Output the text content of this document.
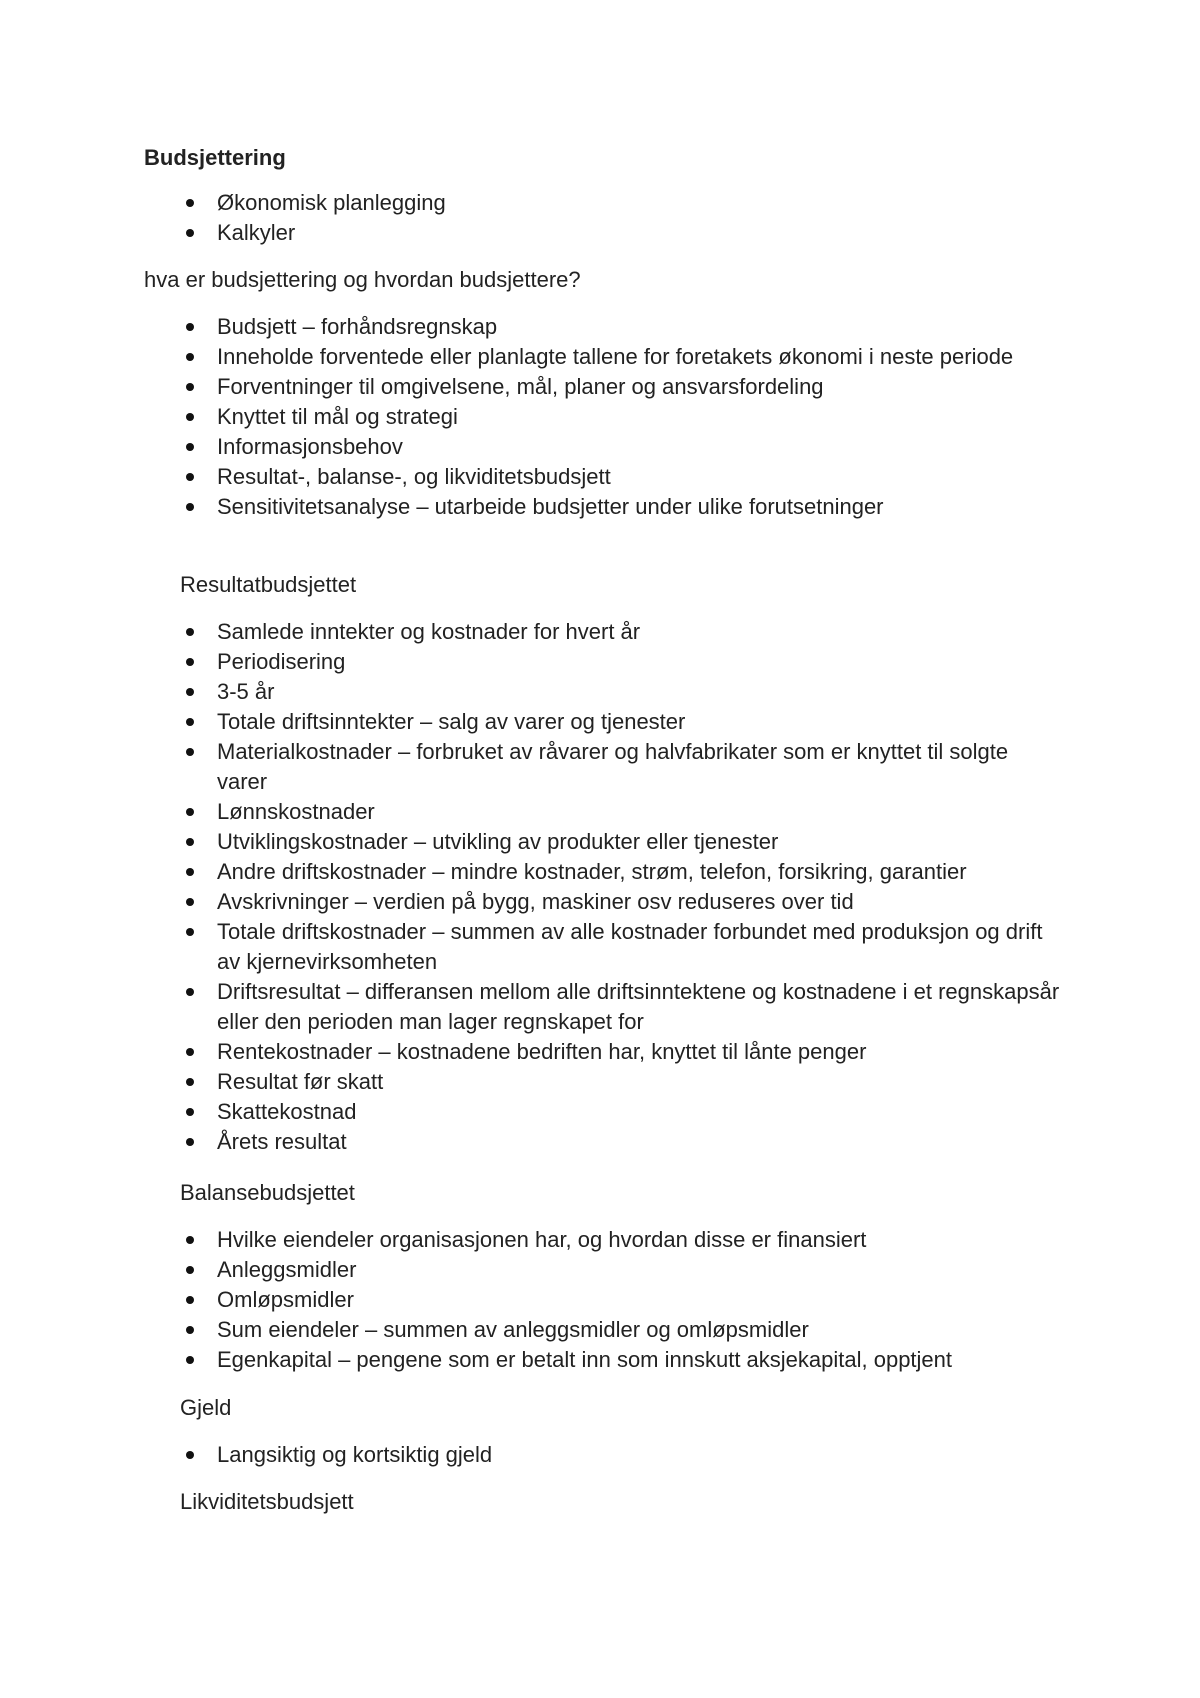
Budsjettering
Økonomisk planlegging
Kalkyler

hva er budsjettering og hvordan budsjettere?

Budsjett – forhåndsregnskap
Inneholde forventede eller planlagte tallene for foretakets økonomi i neste periode
Forventninger til omgivelsene, mål, planer og ansvarsfordeling
Knyttet til mål og strategi
Informasjonsbehov
Resultat-, balanse-, og likviditetsbudsjett
Sensitivitetsanalyse – utarbeide budsjetter under ulike forutsetninger

Resultatbudsjettet

Samlede inntekter og kostnader for hvert år
Periodisering
3-5 år
Totale driftsinntekter – salg av varer og tjenester
Materialkostnader – forbruket av råvarer og halvfabrikater som er knyttet til solgte varer
Lønnskostnader
Utviklingskostnader – utvikling av produkter eller tjenester
Andre driftskostnader – mindre kostnader, strøm, telefon, forsikring, garantier
Avskrivninger – verdien på bygg, maskiner osv reduseres over tid
Totale driftskostnader – summen av alle kostnader forbundet med produksjon og drift av kjernevirksomheten
Driftsresultat – differansen mellom alle driftsinntektene og kostnadene i et regnskapsår eller den perioden man lager regnskapet for
Rentekostnader – kostnadene bedriften har, knyttet til lånte penger
Resultat før skatt
Skattekostnad
Årets resultat

Balansebudsjettet

Hvilke eiendeler organisasjonen har, og hvordan disse er finansiert
Anleggsmidler
Omløpsmidler
Sum eiendeler – summen av anleggsmidler og omløpsmidler
Egenkapital – pengene som er betalt inn som innskutt aksjekapital, opptjent

Gjeld

Langsiktig og kortsiktig gjeld

Likviditetsbudsjett
